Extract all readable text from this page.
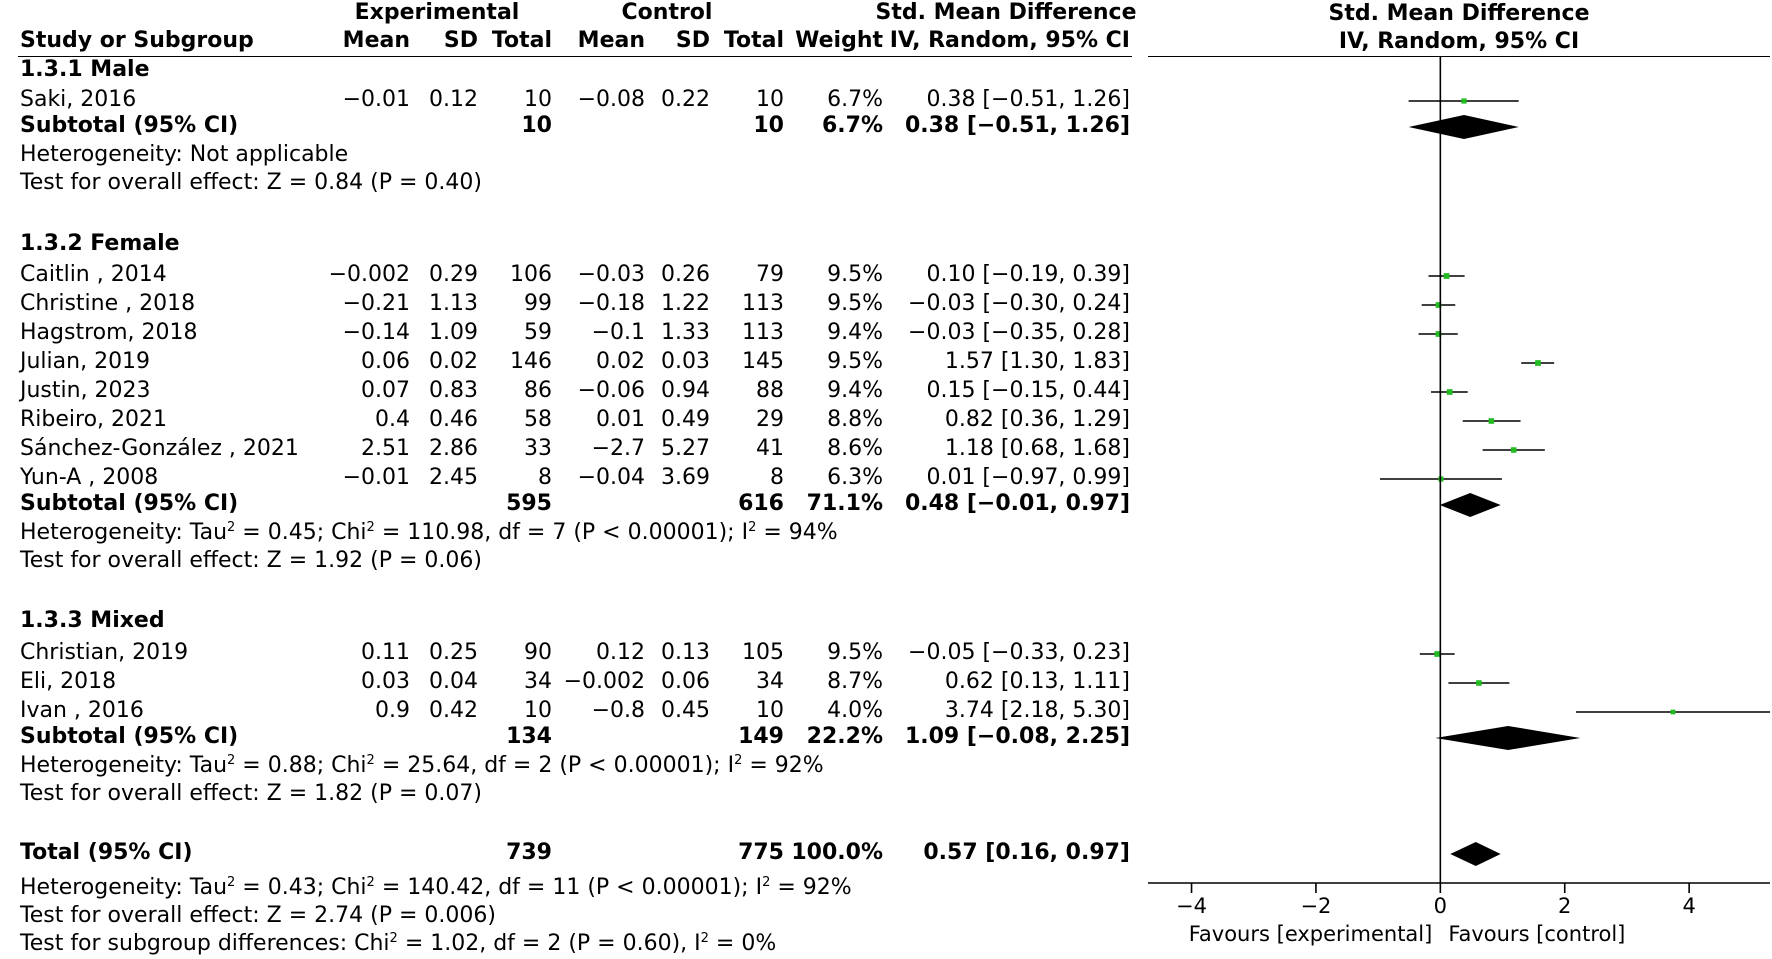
Experimental	Control	Std. Mean Difference
Study or Subgroup	Mean SD Total Mean SD Total Weight IV, Random, 95% CI
1.3.1 Male
Saki, 2016	−0.01 0.12 10 −0.08 0.22 10 6.7% 0.38 [−0.51, 1.26]
Subtotal (95% CI)	10	10 6.7% 0.38 [−0.51, 1.26]
Heterogeneity: Not applicable
Test for overall effect: Z = 0.84 (P = 0.40)
1.3.2 Female
Caitlin , 2014	−0.002 0.29 106 −0.03 0.26 79 9.5% 0.10 [−0.19, 0.39]
Christine , 2018	−0.21 1.13 99 −0.18 1.22 113 9.5% −0.03 [−0.30, 0.24]
Hagstrom, 2018	−0.14 1.09 59 −0.1 1.33 113 9.4% −0.03 [−0.35, 0.28]
Julian, 2019	0.06 0.02 146 0.02 0.03 145 9.5%	1.57 [1.30, 1.83]
Justin, 2023	0.07 0.83 86 −0.06 0.94 88 9.4% 0.15 [−0.15, 0.44]
Ribeiro, 2021	0.4 0.46 58 0.01 0.49 29 8.8%	0.82 [0.36, 1.29]
Sánchez-González , 2021	2.51 2.86 33 −2.7 5.27 41 8.6%	1.18 [0.68, 1.68]
Yun-A , 2008	−0.01 2.45	8 −0.04 3.69	8 6.3% 0.01 [−0.97, 0.99]
Subtotal (95% CI)	595	616 71.1% 0.48 [−0.01, 0.97]
Heterogeneity: Tau$^2$ = 0.45; Chi$^2$ = 110.98, df = 7 (P < 0.00001); $I^2 = 94\%$
Test for overall effect: Z = 1.92 (P = 0.06)
1.3.3 Mixed
Christian, 2019	0.11 0.25 90 0.12 0.13 105 9.5% −0.05 [−0.33, 0.23]
Eli, 2018	0.03 0.04 34 −0.002 0.06 34 8.7%	0.62 [0.13, 1.11]
Ivan , 2016	0.9 0.42 10 −0.8 0.45 10 4.0%	3.74 [2.18, 5.30]
Subtotal (95% CI)	134	149 22.2% 1.09 [−0.08, 2.25]
Heterogeneity: Tau$^2$ = 0.88; Chi$^2$ = 25.64, df = 2 (P < 0.00001); $I^2 = 92\%$
Test for overall effect: Z = 1.82 (P = 0.07)
Total (95% CI)	739	775 100.0% 0.57 [0.16, 0.97]
Heterogeneity: Tau$^2$ = 0.43; Chi$^2$ = 140.42, df = 11 (P < 0.00001); $I^2 = 92\%$
Test for overall effect: Z = 2.74 (P = 0.006)
Test for subgroup differences: Chi$^2$ = 1.02, df = 2 (P = 0.60), $I^2 = 0\%$
Std. Mean Difference
IV, Random, 95% CI
−4	−2	0	2	4
Favours [experimental] Favours [control]
